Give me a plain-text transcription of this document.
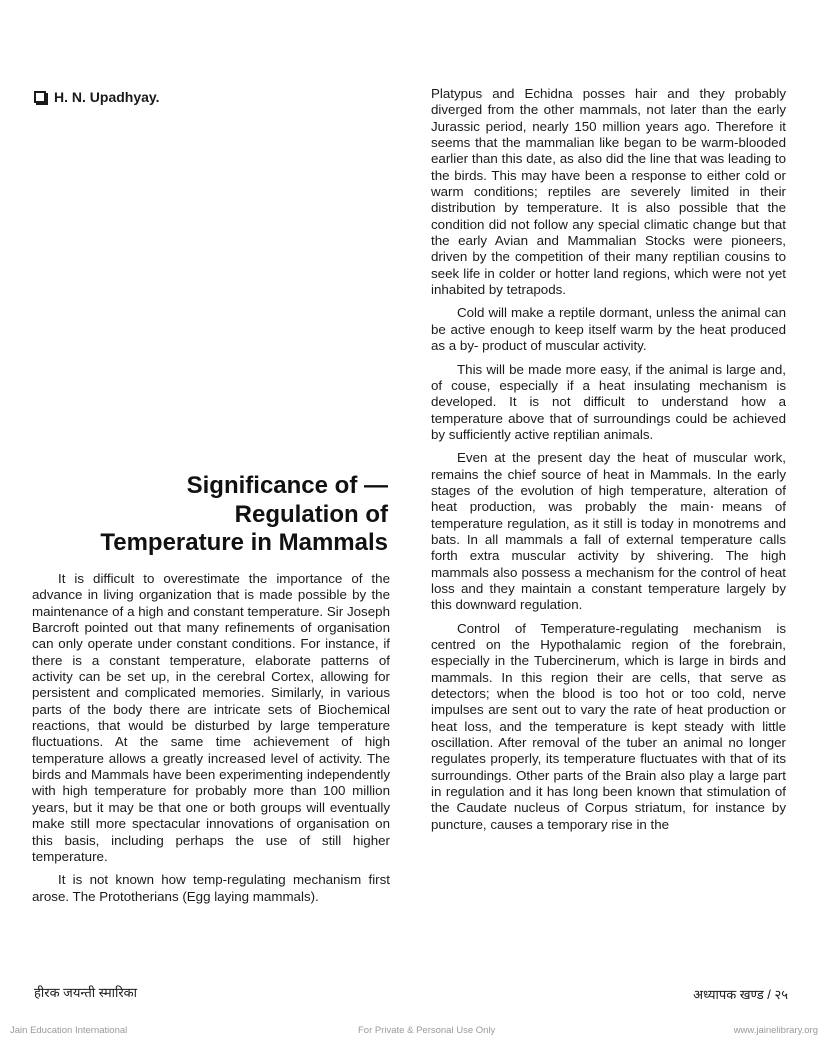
H. N. Upadhyay.
Significance of —
Regulation of
Temperature in Mammals

It is difficult to overestimate the importance of the advance in living organization that is made possible by the maintenance of a high and constant temperature. Sir Joseph Barcroft pointed out that many refinements of organisation can only operate under constant conditions. For instance, if there is a constant temperature, elaborate patterns of activity can be set up, in the cerebral Cortex, allowing for persistent and complicated memories. Similarly, in various parts of the body there are intricate sets of Biochemical reactions, that would be disturbed by large temperature fluctuations. At the same time achievement of high temperature allows a greatly increased level of activity. The birds and Mammals have been experimenting independently with high temperature for probably more than 100 million years, but it may be that one or both groups will eventually make still more spectacular innovations of organisation on this basis, including perhaps the use of still higher temperature.

It is not known how temp-regulating mechanism first arose. The Prototherians (Egg laying mammals).

Platypus and Echidna posses hair and they probably diverged from the other mammals, not later than the early Jurassic period, nearly 150 million years ago. Therefore it seems that the mammalian like began to be warm-blooded earlier than this date, as also did the line that was leading to the birds. This may have been a response to either cold or warm conditions; reptiles are severely limited in their distribution by temperature. It is also possible that the condition did not follow any special climatic change but that the early Avian and Mammalian Stocks were pioneers, driven by the competition of their many reptilian cousins to seek life in colder or hotter land regions, which were not yet inhabited by tetrapods.

Cold will make a reptile dormant, unless the animal can be active enough to keep itself warm by the heat produced as a by- product of muscular activity.

This will be made more easy, if the animal is large and, of couse, especially if a heat insulating mechanism is developed. It is not difficult to understand how a temperature above that of surroundings could be achieved by sufficiently active reptilian animals.

Even at the present day the heat of muscular work, remains the chief source of heat in Mammals. In the early stages of the evolution of high temperature, alteration of heat production, was probably the main means of temperature regulation, as it still is today in monotrems and bats. In all mammals a fall of external temperature calls forth extra muscular activity by shivering. The high mammals also possess a mechanism for the control of heat loss and they maintain a constant temperature largely by this downward regulation.

Control of Temperature-regulating mechanism is centred on the Hypothalamic region of the forebrain, especially in the Tubercinerum, which is large in birds and mammals. In this region their are cells, that serve as detectors; when the blood is too hot or too cold, nerve impulses are sent out to vary the rate of heat production or heat loss, and the temperature is kept steady with little oscillation. After removal of the tuber an animal no longer regulates properly, its temperature fluctuates with that of its surroundings. Other parts of the Brain also play a large part in regulation and it has long been known that stimulation of the Caudate nucleus of Corpus striatum, for instance by puncture, causes a temporary rise in the

हीरक जयन्ती स्मारिका	अध्यापक खण्ड / २५
Jain Education International	For Private & Personal Use Only	www.jainelibrary.org
